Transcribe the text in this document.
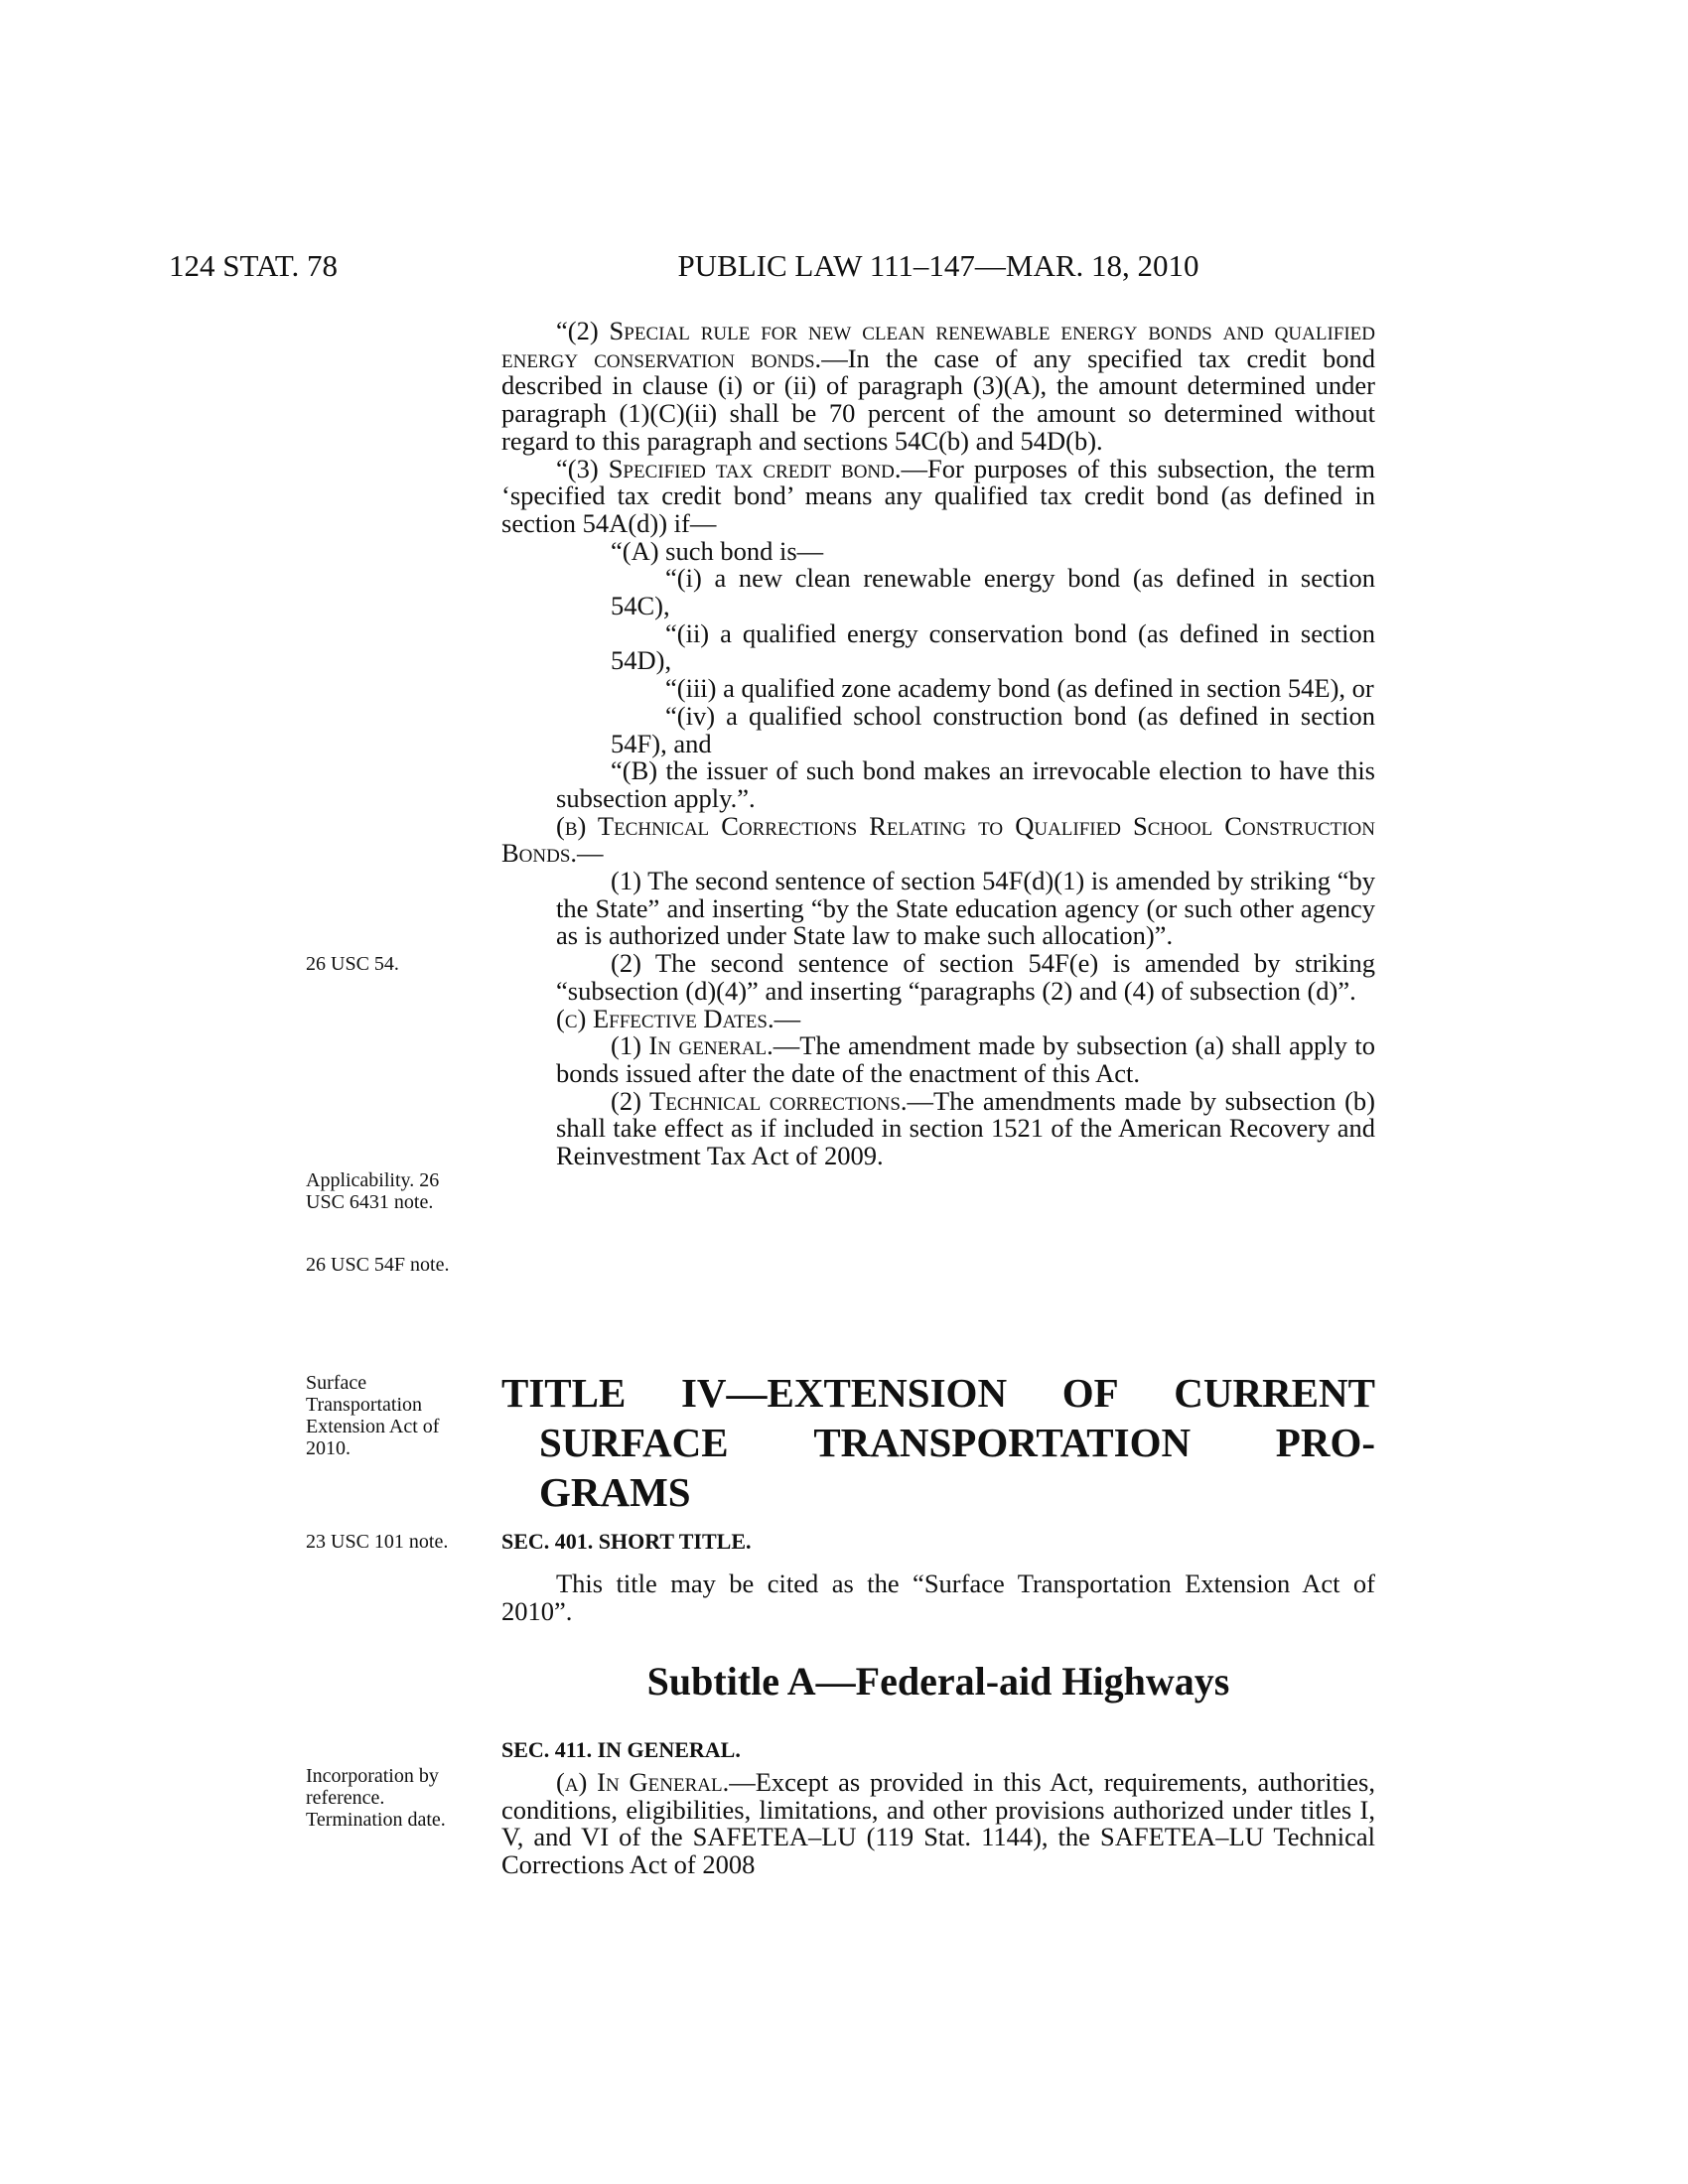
124 STAT. 78	PUBLIC LAW 111–147—MAR. 18, 2010
26 USC 54.
Applicability. 26 USC 6431 note.
26 USC 54F note.
Surface Transportation Extension Act of 2010.
23 USC 101 note.
Incorporation by reference. Termination date.

“(2) Special rule for new clean renewable energy bonds and qualified energy conservation bonds.—In the case of any specified tax credit bond described in clause (i) or (ii) of paragraph (3)(A), the amount determined under paragraph (1)(C)(ii) shall be 70 percent of the amount so determined without regard to this paragraph and sections 54C(b) and 54D(b).

“(3) Specified tax credit bond.—For purposes of this subsection, the term ‘specified tax credit bond’ means any qualified tax credit bond (as defined in section 54A(d)) if—

“(A) such bond is—

“(i) a new clean renewable energy bond (as defined in section 54C),

“(ii) a qualified energy conservation bond (as defined in section 54D),

“(iii) a qualified zone academy bond (as defined in section 54E), or

“(iv) a qualified school construction bond (as defined in section 54F), and

“(B) the issuer of such bond makes an irrevocable election to have this subsection apply.”.

(b) Technical Corrections Relating to Qualified School Construction Bonds.—

(1) The second sentence of section 54F(d)(1) is amended by striking “by the State” and inserting “by the State education agency (or such other agency as is authorized under State law to make such allocation)”.

(2) The second sentence of section 54F(e) is amended by striking “subsection (d)(4)” and inserting “paragraphs (2) and (4) of subsection (d)”.

(c) Effective Dates.—

(1) In general.—The amendment made by subsection (a) shall apply to bonds issued after the date of the enactment of this Act.

(2) Technical corrections.—The amendments made by subsection (b) shall take effect as if included in section 1521 of the American Recovery and Reinvestment Tax Act of 2009.

TITLE IV—EXTENSION OF CURRENT
SURFACE TRANSPORTATION PRO-
GRAMS
SEC. 401. SHORT TITLE.

This title may be cited as the “Surface Transportation Extension Act of 2010”.

Subtitle A—Federal-aid Highways
SEC. 411. IN GENERAL.

(a) In General.—Except as provided in this Act, requirements, authorities, conditions, eligibilities, limitations, and other provisions authorized under titles I, V, and VI of the SAFETEA–LU (119 Stat. 1144), the SAFETEA–LU Technical Corrections Act of 2008
